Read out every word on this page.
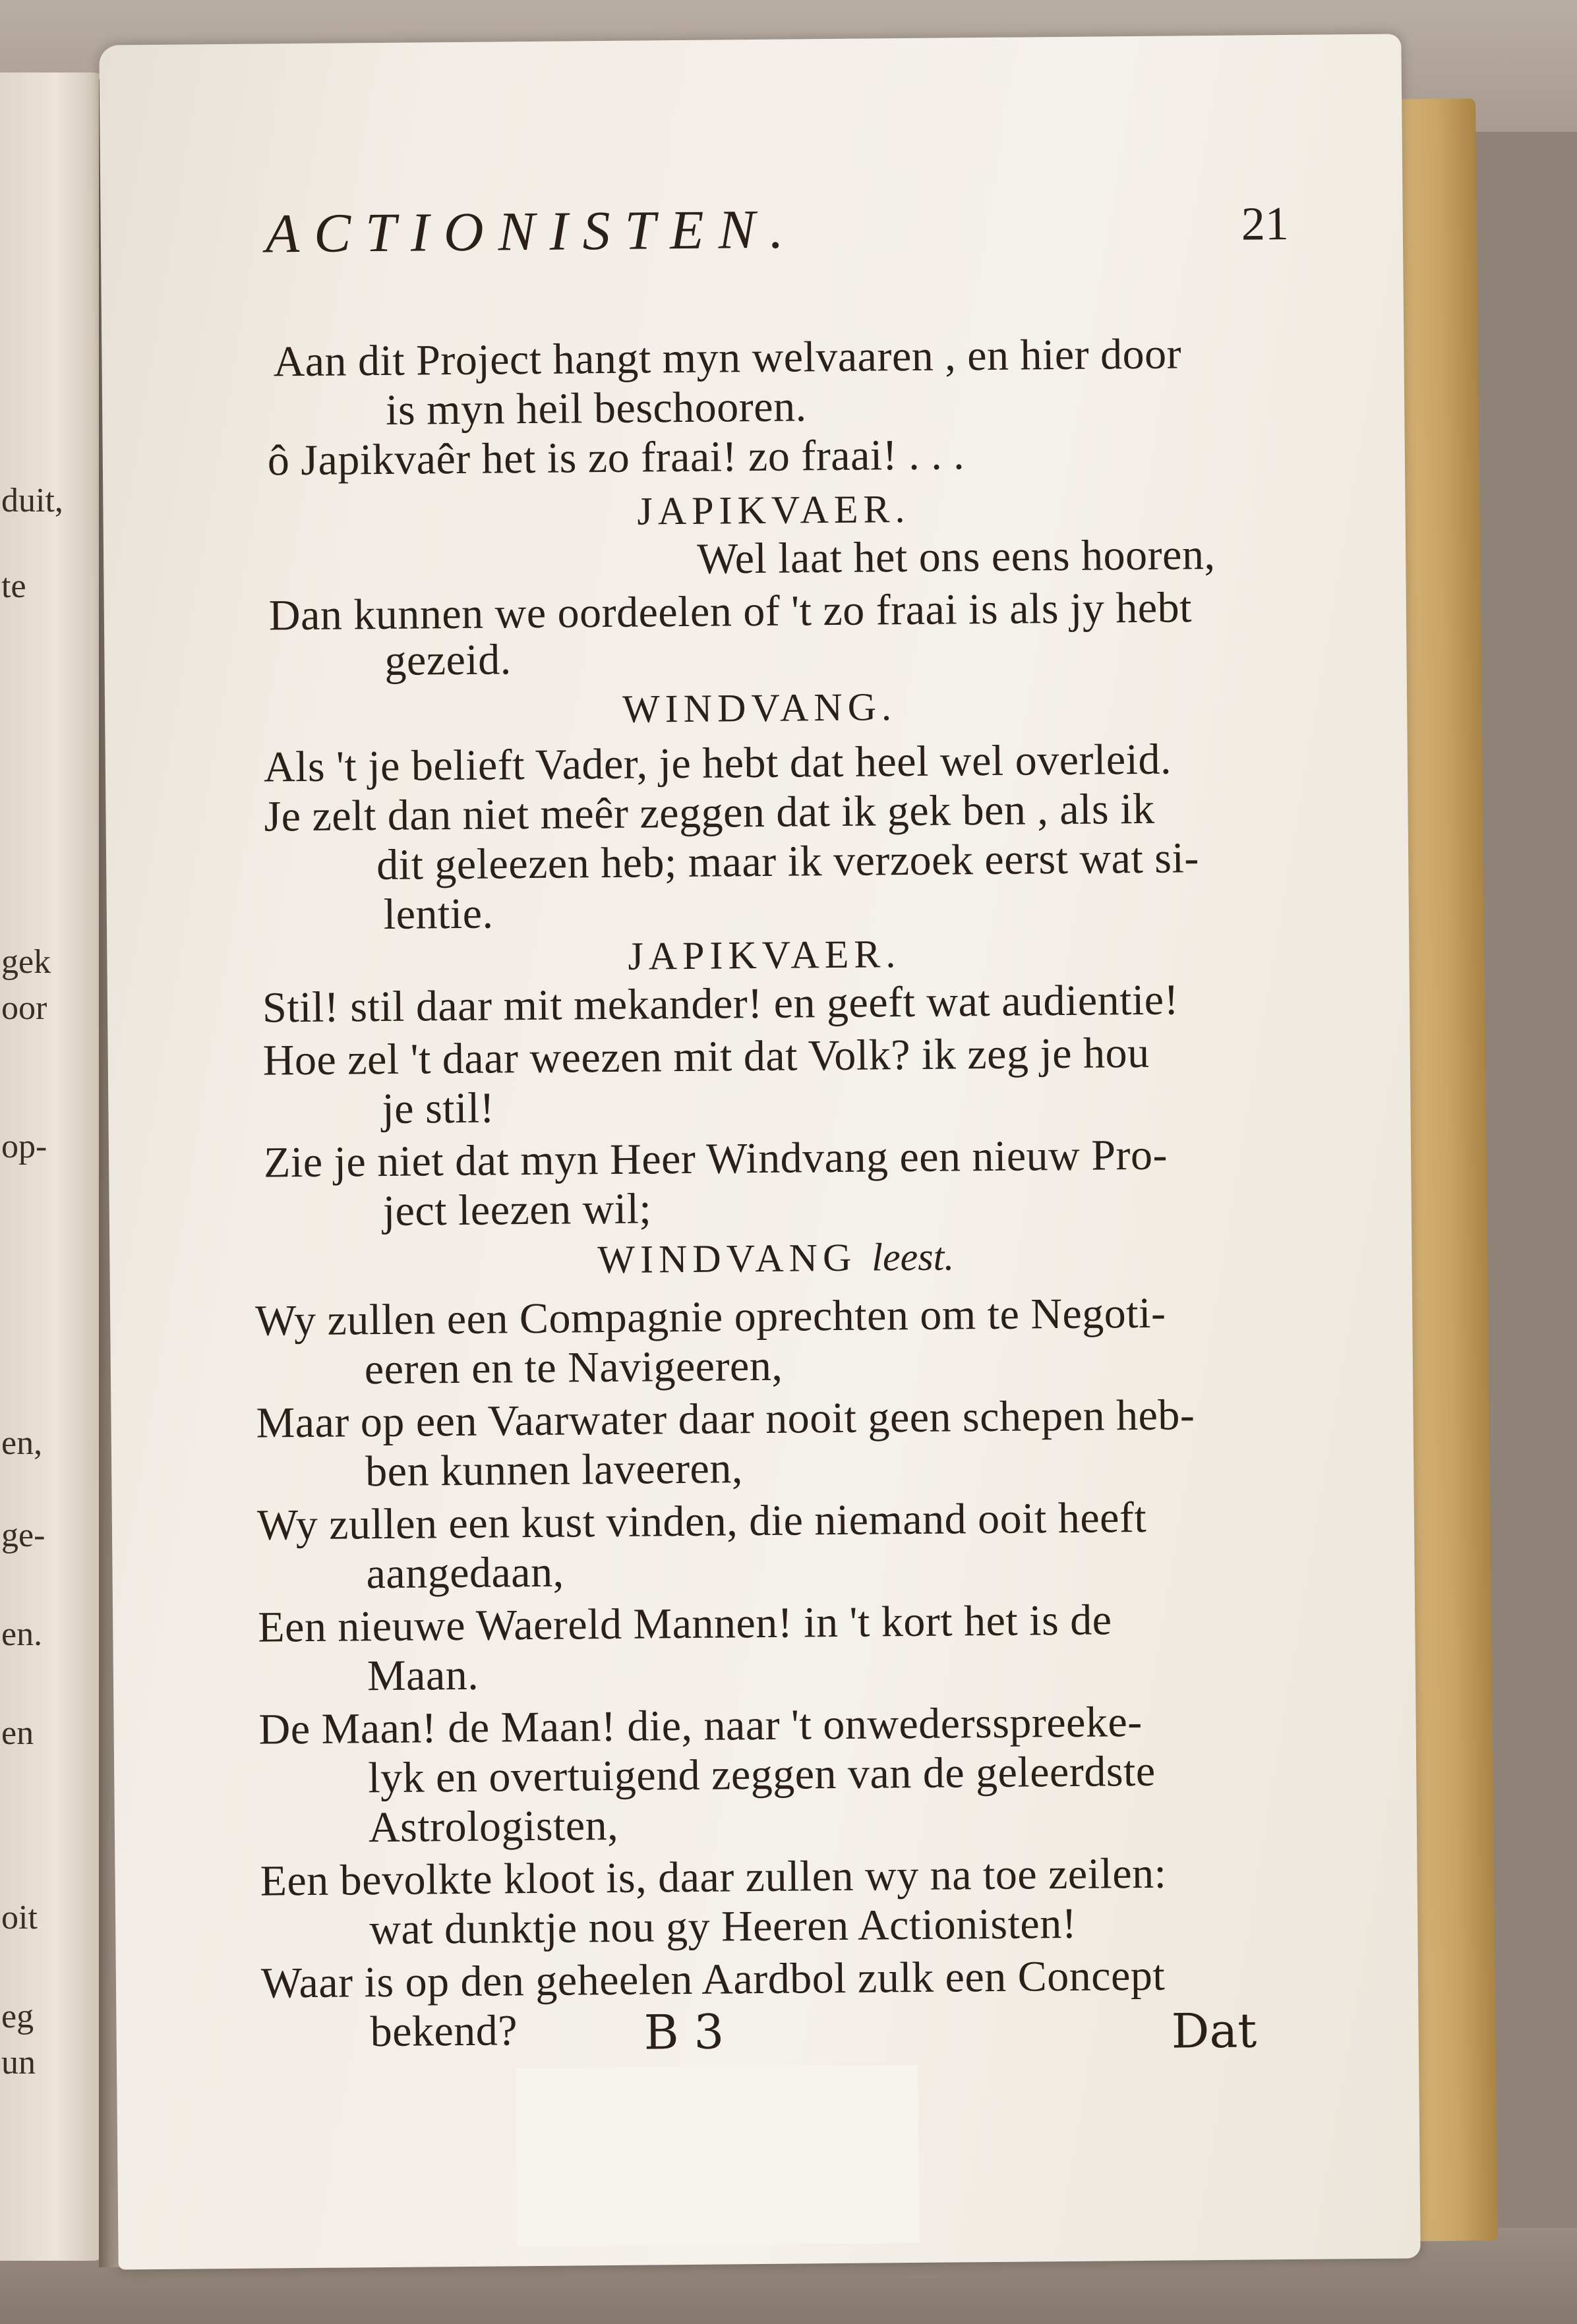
duit,
te
gek
oor
op-
en,
ge-
en.
en
oit
eg
un
ACTIONISTEN.	21
Aan dit Project hangt myn welvaaren , en hier door
is myn heil beschooren.
ô Japikvaêr het is zo fraai! zo fraai! . . .
JAPIKVAER.
Wel laat het ons eens hooren,
Dan kunnen we oordeelen of 't zo fraai is als jy hebt
gezeid.
WINDVANG.
Als 't je belieft Vader, je hebt dat heel wel overleid.
Je zelt dan niet meêr zeggen dat ik gek ben , als ik
dit geleezen heb; maar ik verzoek eerst wat si-
lentie.
JAPIKVAER.
Stil! stil daar mit mekander! en geeft wat audientie!
Hoe zel 't daar weezen mit dat Volk? ik zeg je hou
je stil!
Zie je niet dat myn Heer Windvang een nieuw Pro-
ject leezen wil;
WINDVANG leest.
Wy zullen een Compagnie oprechten om te Negoti-
eeren en te Navigeeren,
Maar op een Vaarwater daar nooit geen schepen heb-
ben kunnen laveeren,
Wy zullen een kust vinden, die niemand ooit heeft
aangedaan,
Een nieuwe Waereld Mannen! in 't kort het is de
Maan.
De Maan! de Maan! die, naar 't onwedersspreeke-
lyk en overtuigend zeggen van de geleerdste
Astrologisten,
Een bevolkte kloot is, daar zullen wy na toe zeilen:
wat dunktje nou gy Heeren Actionisten!
Waar is op den geheelen Aardbol zulk een Concept
bekend?	B 3	Dat
